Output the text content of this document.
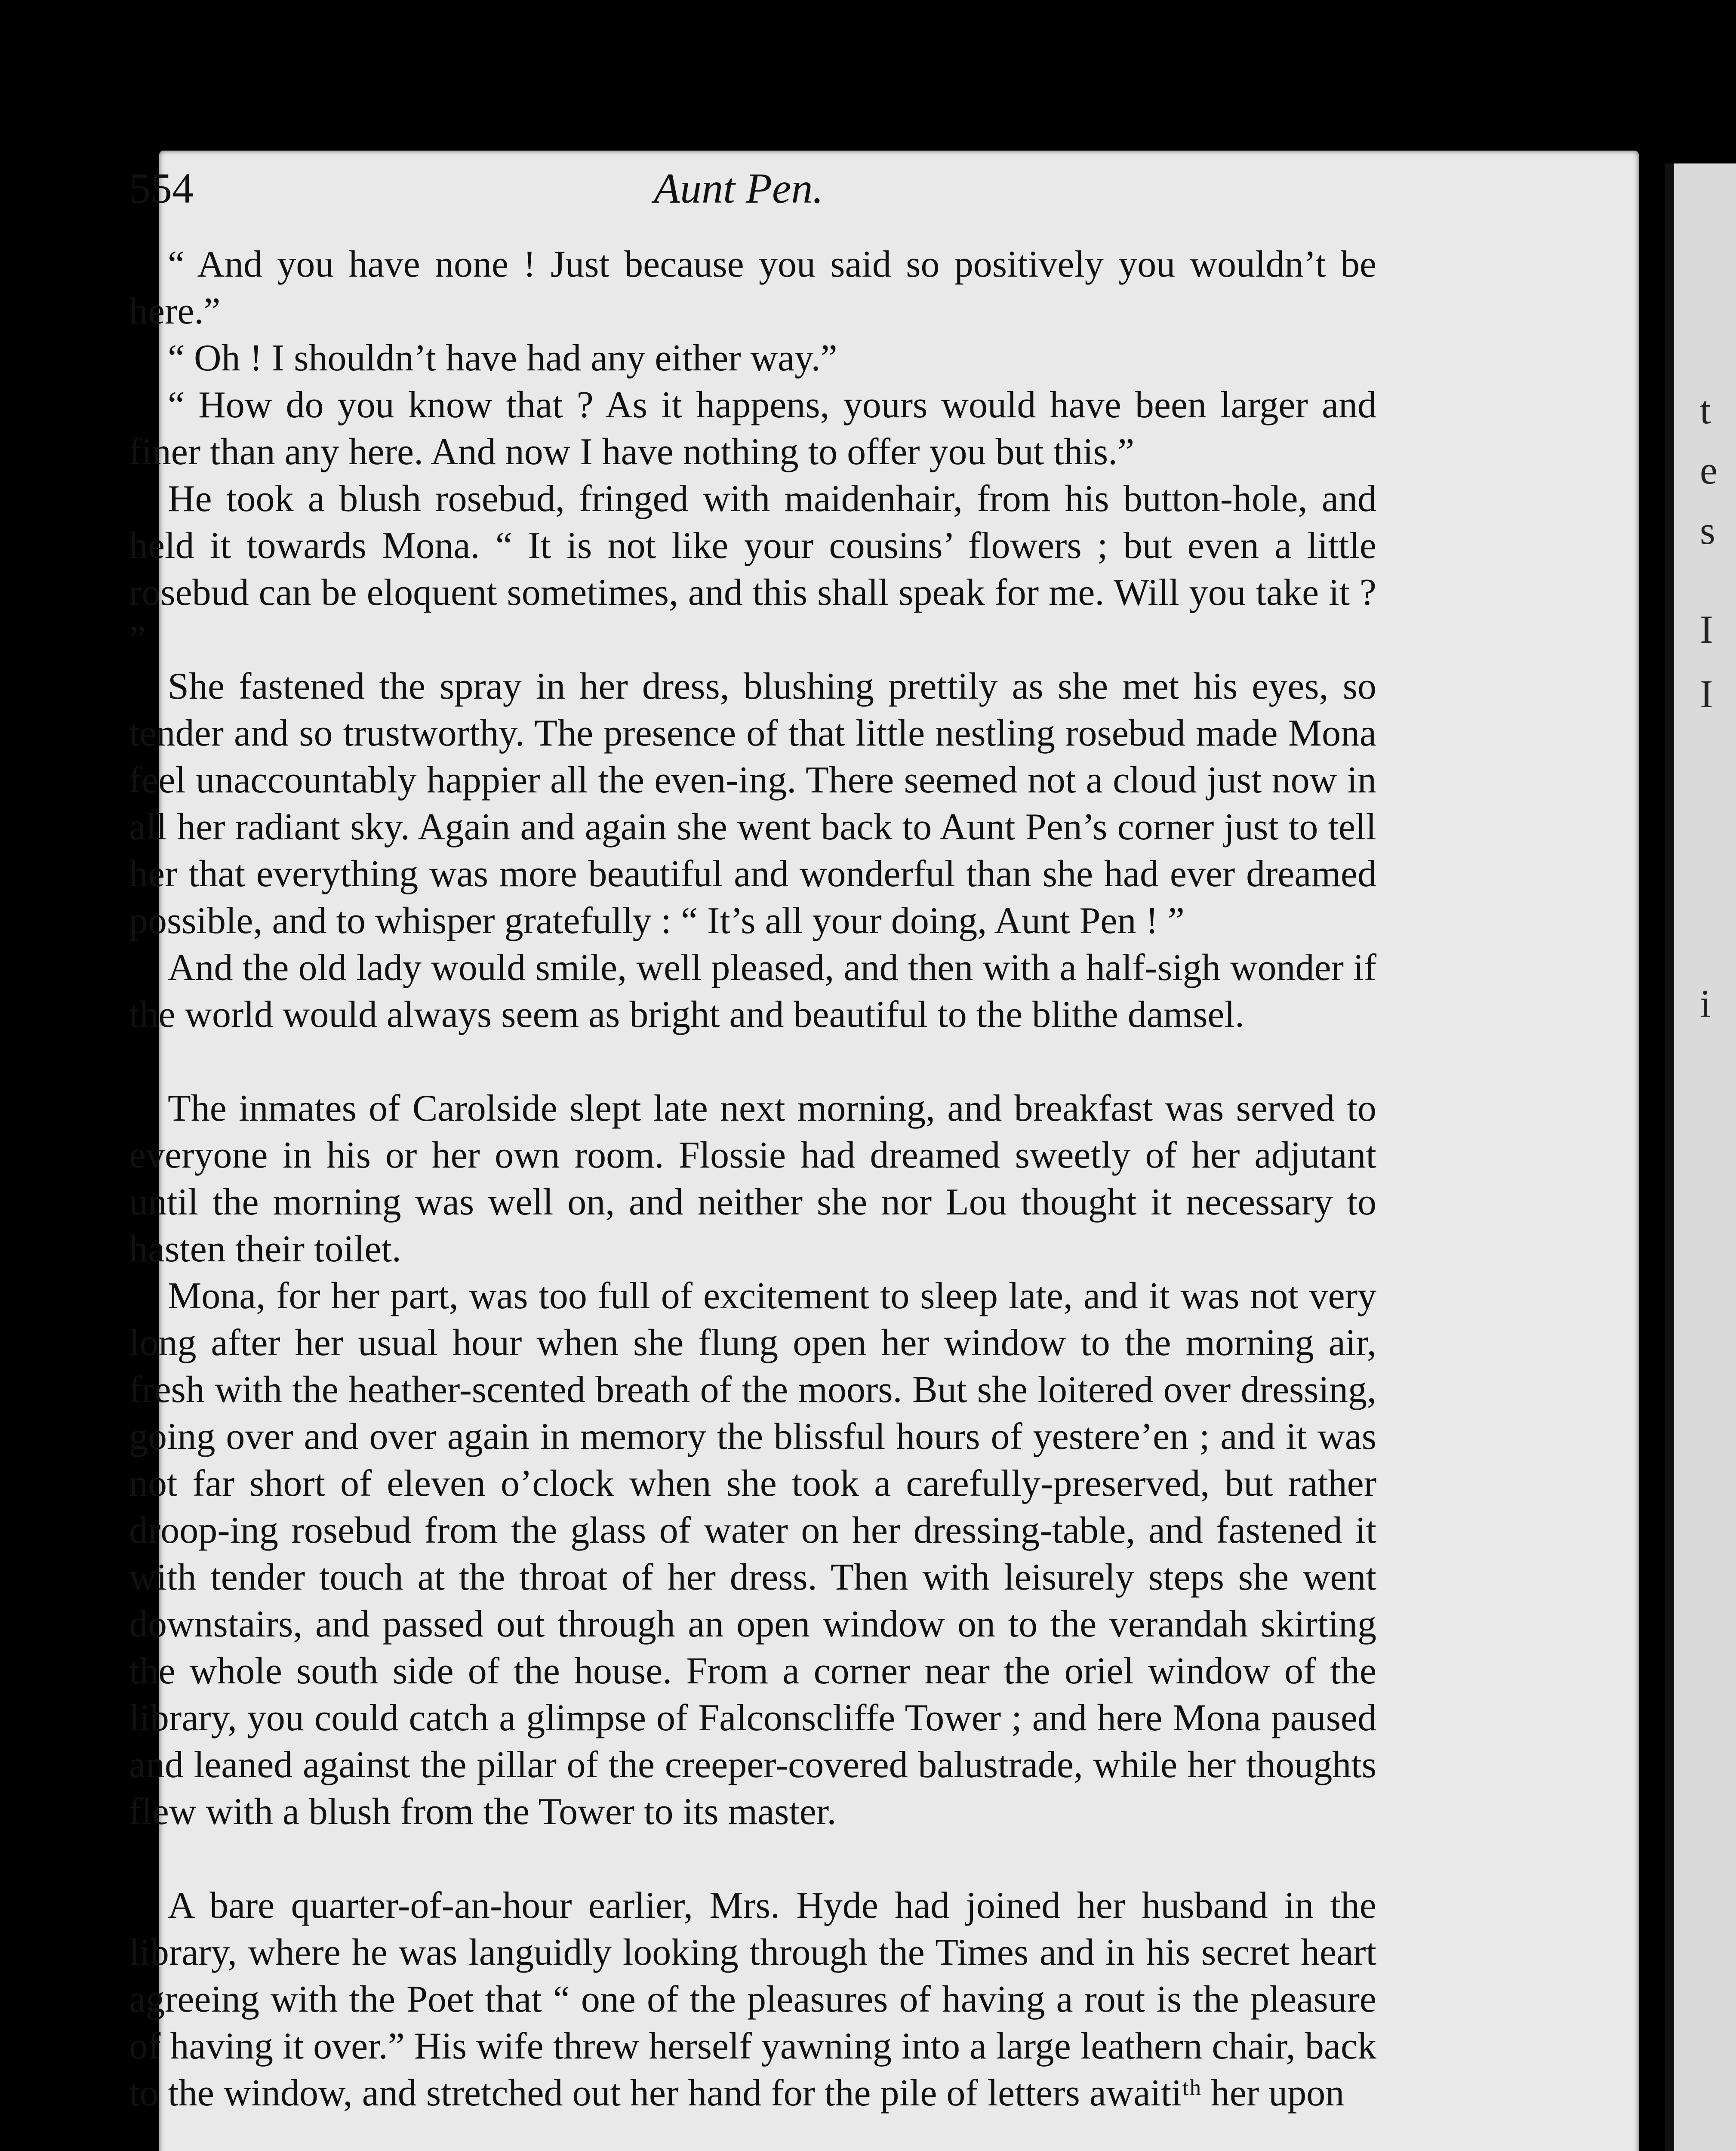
t
e
s
I
I
i
554	Aunt Pen.

“ And you have none ! Just because you said so positively you wouldn’t be here.”

“ Oh ! I shouldn’t have had any either way.”

“ How do you know that ? As it happens, yours would have been larger and finer than any here. And now I have nothing to offer you but this.”

He took a blush rosebud, fringed with maidenhair, from his button-hole, and held it towards Mona. “ It is not like your cousins’ flowers ; but even a little rosebud can be eloquent sometimes, and this shall speak for me. Will you take it ? ”

She fastened the spray in her dress, blushing prettily as she met his eyes, so tender and so trustworthy. The presence of that little nestling rosebud made Mona feel unaccountably happier all the even-ing. There seemed not a cloud just now in all her radiant sky. Again and again she went back to Aunt Pen’s corner just to tell her that everything was more beautiful and wonderful than she had ever dreamed possible, and to whisper gratefully : “ It’s all your doing, Aunt Pen ! ”

And the old lady would smile, well pleased, and then with a half-sigh wonder if the world would always seem as bright and beautiful to the blithe damsel.

The inmates of Carolside slept late next morning, and breakfast was served to everyone in his or her own room. Flossie had dreamed sweetly of her adjutant until the morning was well on, and neither she nor Lou thought it necessary to hasten their toilet.

Mona, for her part, was too full of excitement to sleep late, and it was not very long after her usual hour when she flung open her window to the morning air, fresh with the heather-scented breath of the moors. But she loitered over dressing, going over and over again in memory the blissful hours of yestere’en ; and it was not far short of eleven o’clock when she took a carefully-preserved, but rather droop-ing rosebud from the glass of water on her dressing-table, and fastened it with tender touch at the throat of her dress. Then with leisurely steps she went downstairs, and passed out through an open window on to the verandah skirting the whole south side of the house. From a corner near the oriel window of the library, you could catch a glimpse of Falconscliffe Tower ; and here Mona paused and leaned against the pillar of the creeper-covered balustrade, while her thoughts flew with a blush from the Tower to its master.

A bare quarter-of-an-hour earlier, Mrs. Hyde had joined her husband in the library, where he was languidly looking through the Times and in his secret heart agreeing with the Poet that “ one of the pleasures of having a rout is the pleasure of having it over.” His wife threw herself yawning into a large leathern chair, back to the window, and stretched out her hand for the pile of letters awaitiᵗʰ her upon
